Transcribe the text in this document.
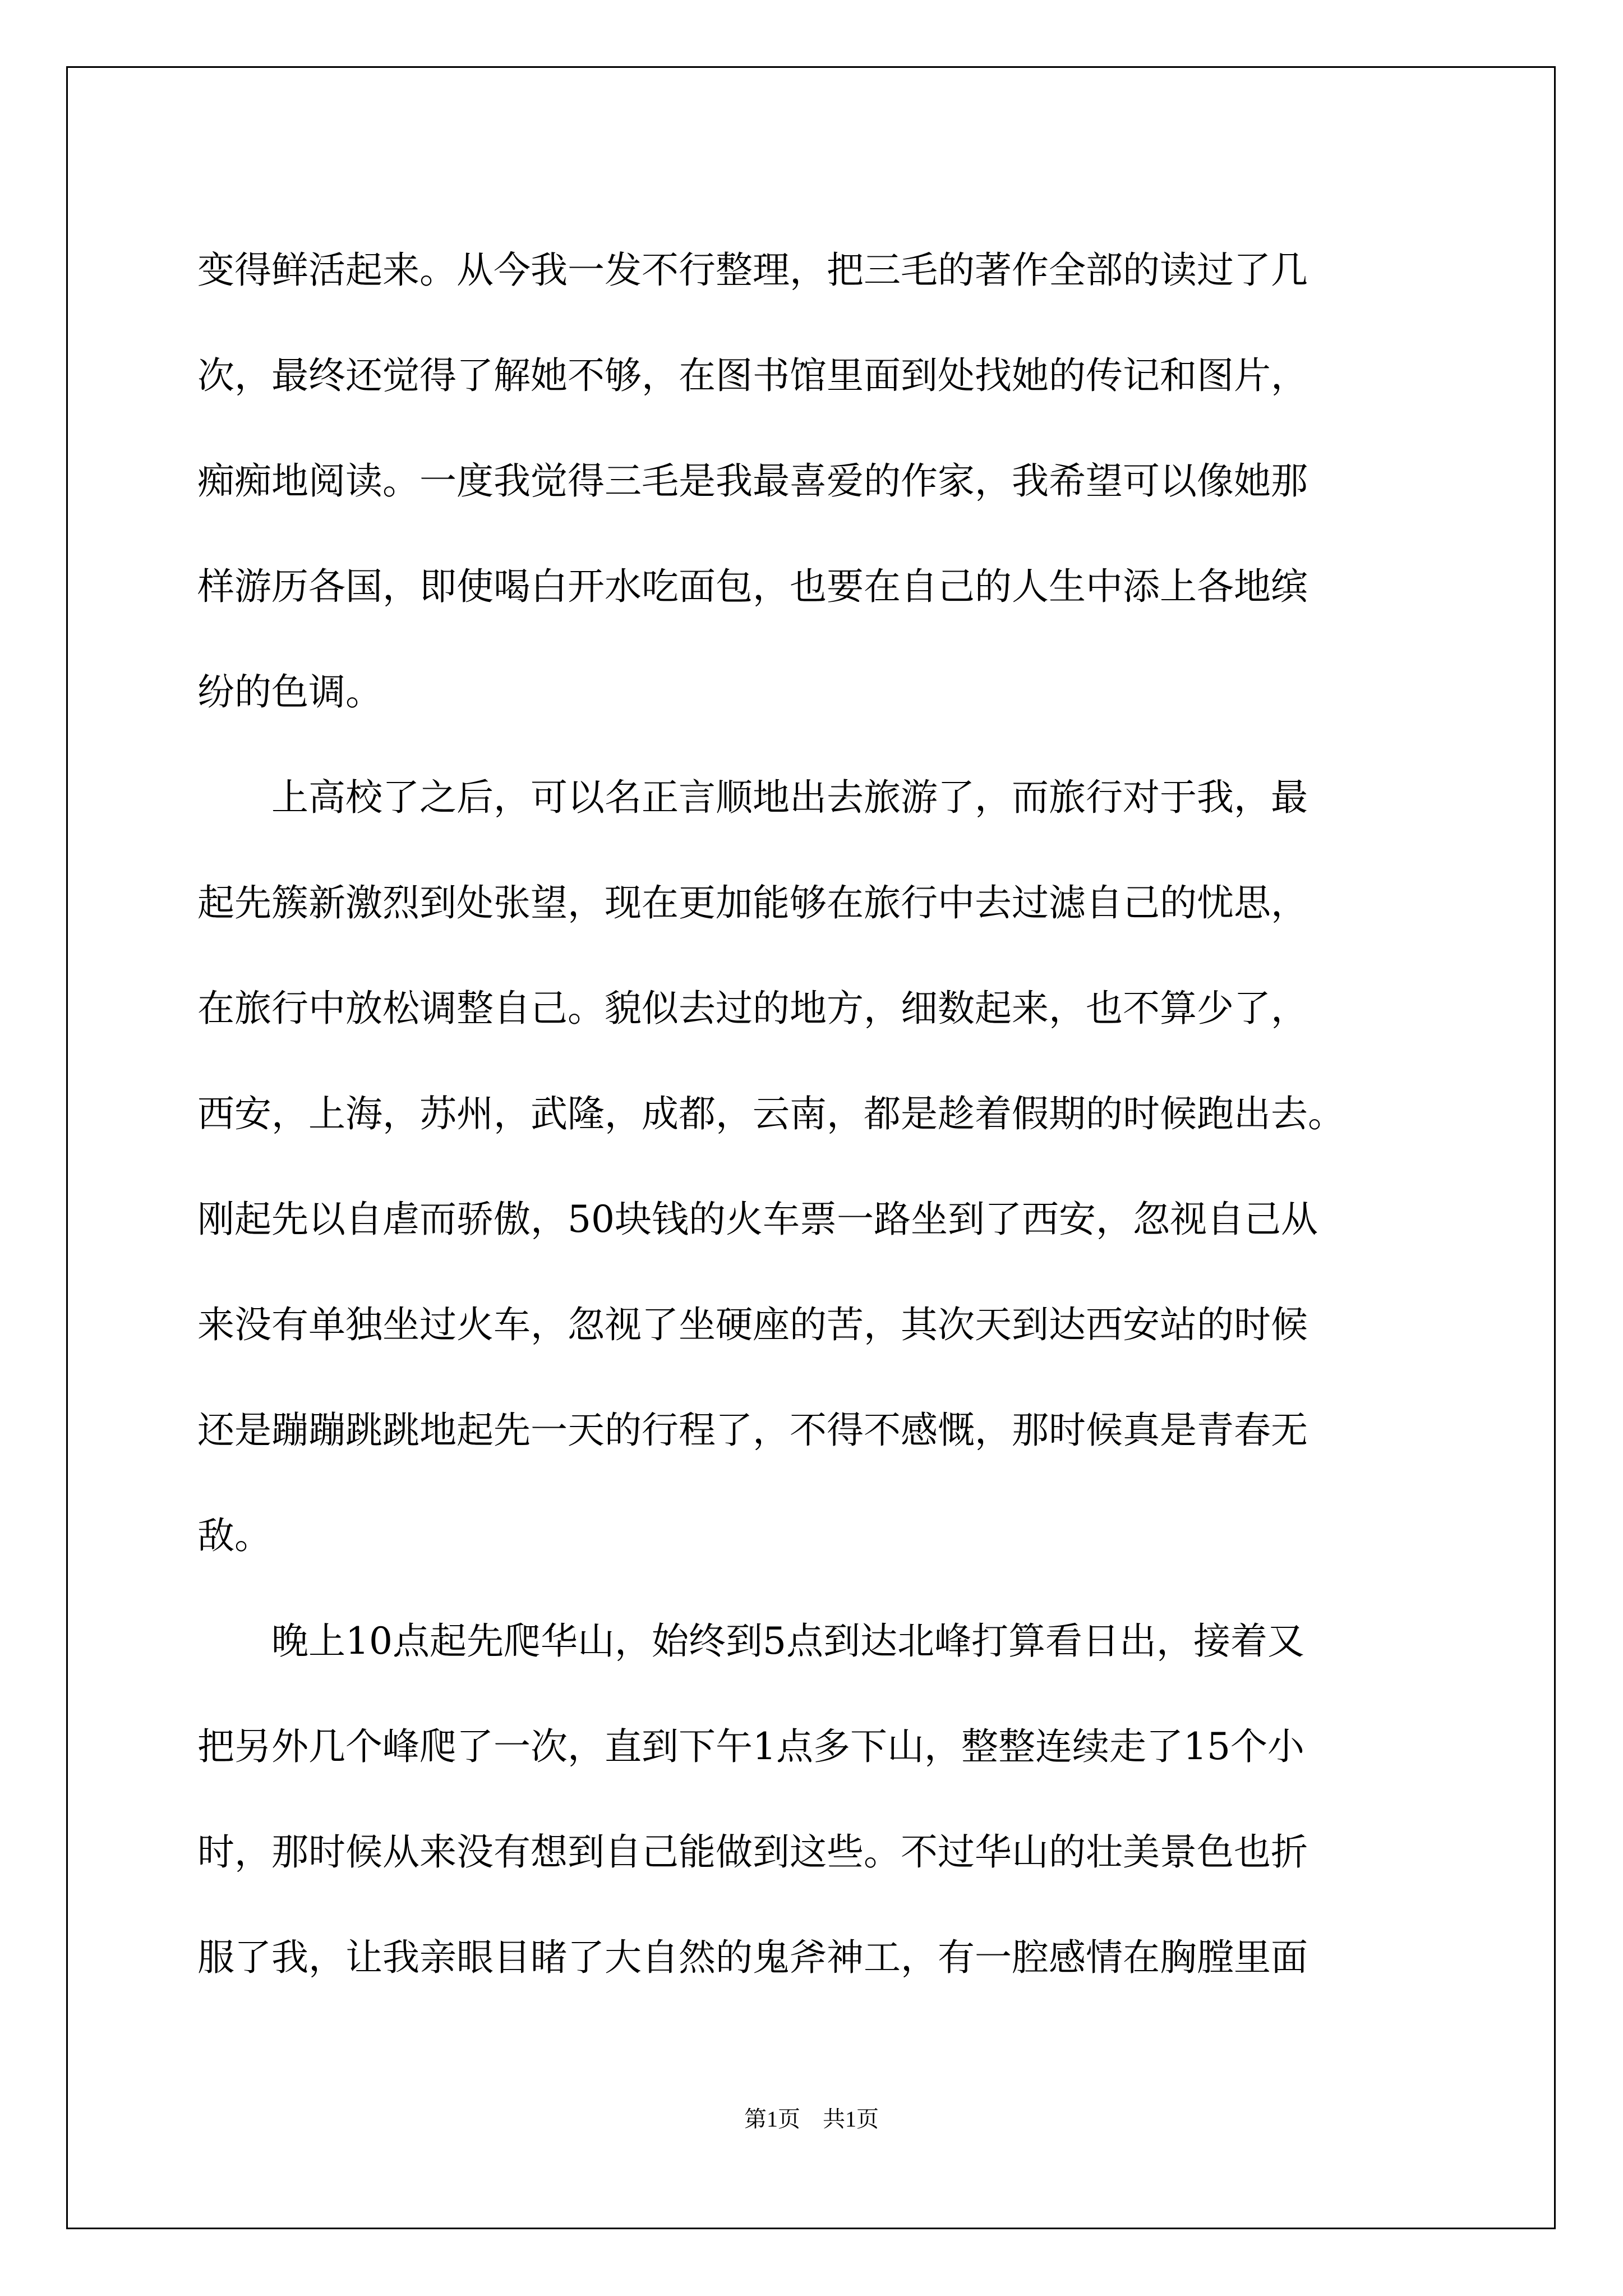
变得鲜活起来。从今我一发不行整理，把三毛的著作全部的读过了几
次，最终还觉得了解她不够，在图书馆里面到处找她的传记和图片，
痴痴地阅读。一度我觉得三毛是我最喜爱的作家，我希望可以像她那
样游历各国，即使喝白开水吃面包，也要在自己的人生中添上各地缤
纷的色调。
　　上高校了之后，可以名正言顺地出去旅游了，而旅行对于我，最
起先簇新激烈到处张望，现在更加能够在旅行中去过滤自己的忧思，
在旅行中放松调整自己。貌似去过的地方，细数起来，也不算少了，
西安，上海，苏州，武隆，成都，云南，都是趁着假期的时候跑出去。
刚起先以自虐而骄傲，50块钱的火车票一路坐到了西安，忽视自己从
来没有单独坐过火车，忽视了坐硬座的苦，其次天到达西安站的时候
还是蹦蹦跳跳地起先一天的行程了，不得不感慨，那时候真是青春无
敌。
　　晚上10点起先爬华山，始终到5点到达北峰打算看日出，接着又
把另外几个峰爬了一次，直到下午1点多下山，整整连续走了15个小
时，那时候从来没有想到自己能做到这些。不过华山的壮美景色也折
服了我，让我亲眼目睹了大自然的鬼斧神工，有一腔感情在胸膛里面
第1页　共1页
